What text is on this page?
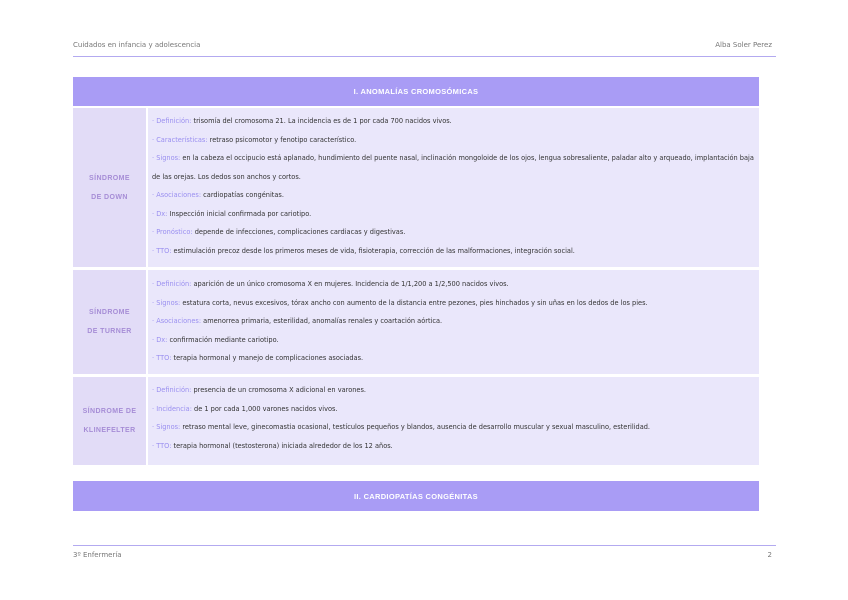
Cuidados en infancia y adolescencia	Alba Soler Perez
I. ANOMALÍAS CROMOSÓMICAS
SÍNDROME
DE DOWN
· Definición: trisomía del cromosoma 21. La incidencia es de 1 por cada 700 nacidos vivos.
· Características: retraso psicomotor y fenotipo característico.
· Signos: en la cabeza el occipucio está aplanado, hundimiento del puente nasal, inclinación mongoloide de los ojos, lengua sobresaliente, paladar alto y arqueado, implantación baja de las orejas. Los dedos son anchos y cortos.
· Asociaciones: cardiopatías congénitas.
· Dx: Inspección inicial confirmada por cariotipo.
· Pronóstico: depende de infecciones, complicaciones cardiacas y digestivas.
· TTO: estimulación precoz desde los primeros meses de vida, fisioterapia, corrección de las malformaciones, integración social.
SÍNDROME
DE TURNER
· Definición: aparición de un único cromosoma X en mujeres. Incidencia de 1/1,200 a 1/2,500 nacidos vivos.
· Signos: estatura corta, nevus excesivos, tórax ancho con aumento de la distancia entre pezones, pies hinchados y sin uñas en los dedos de los pies.
· Asociaciones: amenorrea primaria, esterilidad, anomalías renales y coartación aórtica.
· Dx: confirmación mediante cariotipo.
· TTO: terapia hormonal y manejo de complicaciones asociadas.
SÍNDROME DE
KLINEFELTER
· Definición: presencia de un cromosoma X adicional en varones.
· Incidencia: de 1 por cada 1,000 varones nacidos vivos.
· Signos: retraso mental leve, ginecomastia ocasional, testículos pequeños y blandos, ausencia de desarrollo muscular y sexual masculino, esterilidad.
· TTO: terapia hormonal (testosterona) iniciada alrededor de los 12 años.
II. CARDIOPATÍAS CONGÉNITAS
3º Enfermería	2
